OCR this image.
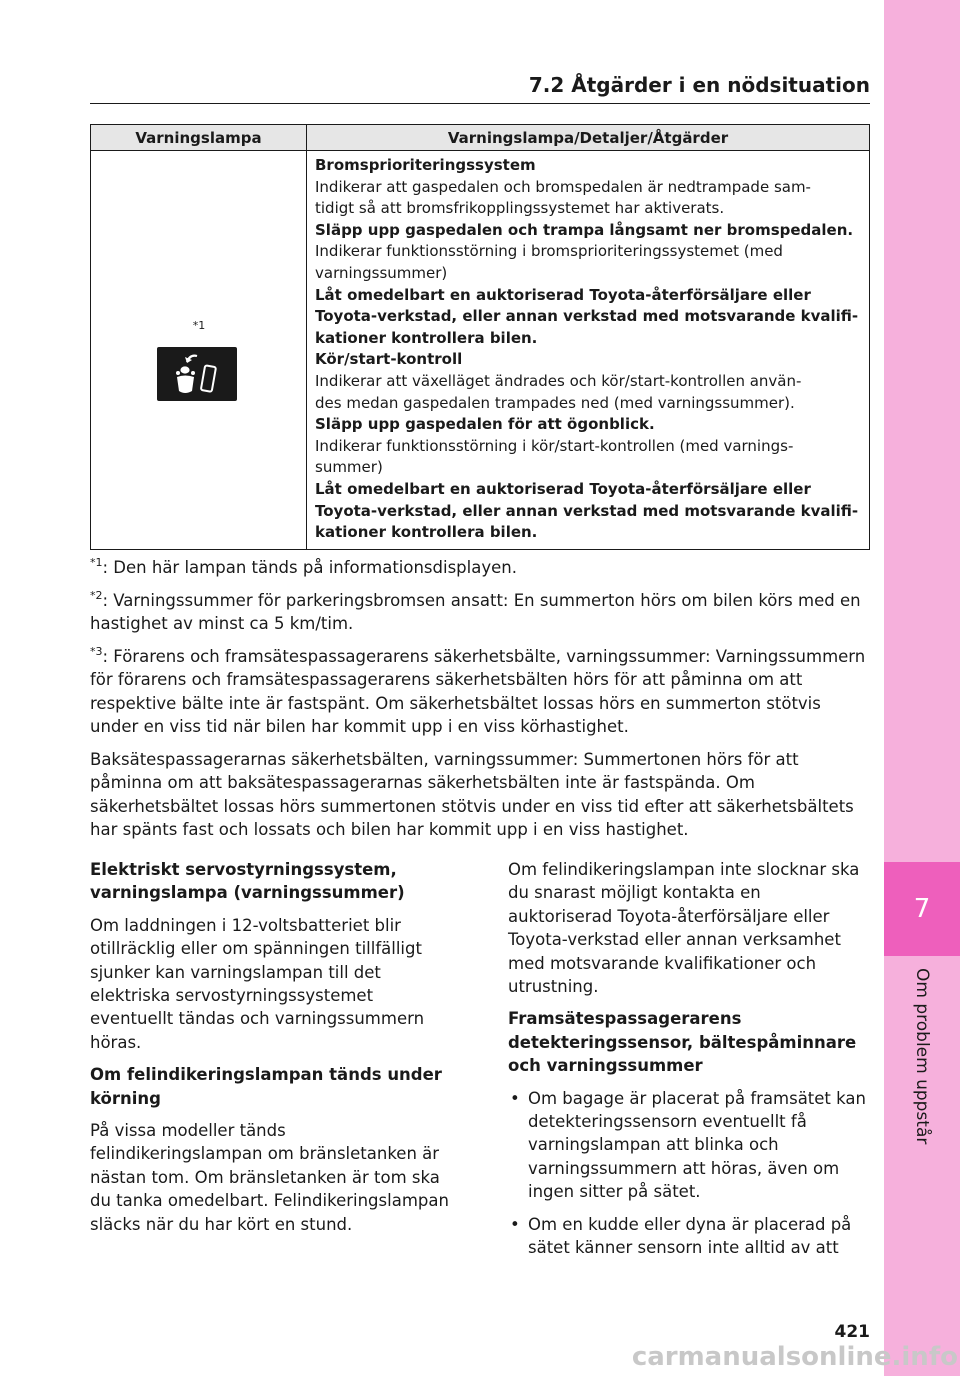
7
Om problem uppstår
7.2 Åtgärder i en nödsituation
Varningslampa	Varningslampa/Detaljer/Åtgärder
*1

Bromsprioriteringssystem

Indikerar att gaspedalen och bromspedalen är nedtrampade sam-

tidigt så att bromsfrikopplingssystemet har aktiverats.

Släpp upp gaspedalen och trampa långsamt ner bromspedalen.

Indikerar funktionsstörning i bromsprioriteringssystemet (med

varningssummer)

Låt omedelbart en auktoriserad Toyota-återförsäljare eller

Toyota-verkstad, eller annan verkstad med motsvarande kvalifi-

kationer kontrollera bilen.

Kör/start-kontroll

Indikerar att växelläget ändrades och kör/start-kontrollen använ-

des medan gaspedalen trampades ned (med varningssummer).

Släpp upp gaspedalen för att ögonblick.

Indikerar funktionsstörning i kör/start-kontrollen (med varnings-

summer)

Låt omedelbart en auktoriserad Toyota-återförsäljare eller

Toyota-verkstad, eller annan verkstad med motsvarande kvalifi-

kationer kontrollera bilen.

$^{*1}$: Den här lampan tänds på informationsdisplayen.

$^{*2}$: Varningssummer för parkeringsbromsen ansatt: En summerton hörs om bilen körs med en hastighet av minst ca 5 km/tim.

$^{*3}$: Förarens och framsätespassagerarens säkerhetsbälte, varningssummer: Varningssummern för förarens och framsätespassagerarens säkerhetsbälten hörs för att påminna om att respektive bälte inte är fastspänt. Om säkerhetsbältet lossas hörs en summerton stötvis under en viss tid när bilen har kommit upp i en viss körhastighet.

Baksätespassagerarnas säkerhetsbälten, varningssummer: Summertonen hörs för att påminna om att baksätespassagerarnas säkerhetsbälten inte är fastspända. Om säkerhetsbältet lossas hörs summertonen stötvis under en viss tid efter att säkerhetsbältets har spänts fast och lossats och bilen har kommit upp i en viss hastighet.

Elektriskt servostyrningssystem, varningslampa (varningssummer)

Om laddningen i 12-voltsbatteriet blir otillräcklig eller om spänningen tillfälligt sjunker kan varningslampan till det elektriska servostyrningssystemet eventuellt tändas och varningssummern höras.

Om felindikeringslampan tänds under körning

På vissa modeller tänds felindikeringslampan om bränsletanken är nästan tom. Om bränsletanken är tom ska du tanka omedelbart. Felindikeringslampan släcks när du har kört en stund.

Om felindikeringslampan inte slocknar ska du snarast möjligt kontakta en auktoriserad Toyota-återförsäljare eller Toyota-verkstad eller annan verksamhet med motsvarande kvalifikationer och utrustning.

Framsätespassagerarens detekteringssensor, bältespåminnare och varningssummer

• Om bagage är placerat på framsätet kan detekteringssensorn eventuellt få varningslampan att blinka och varningssummern att höras, även om ingen sitter på sätet.
• Om en kudde eller dyna är placerad på sätet känner sensorn inte alltid av att
421
carmanualsonline.info
